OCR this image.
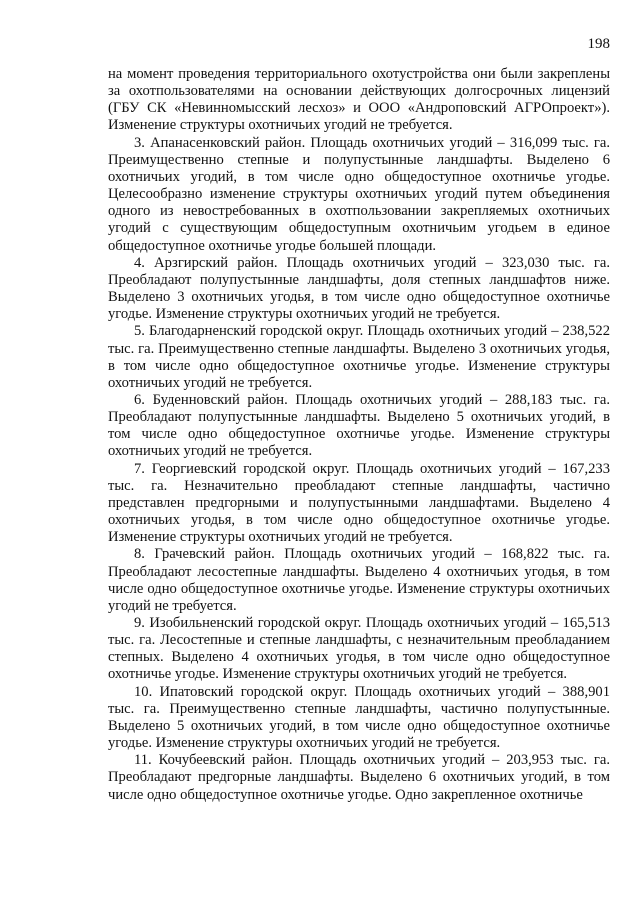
198

на момент проведения территориального охотустройства они были закреплены за охотпользователями на основании действующих долгосрочных лицензий (ГБУ СК «Невинномысский лесхоз» и ООО «Андроповский АГРОпроект»). Изменение структуры охотничьих угодий не требуется.

3. Апанасенковский район. Площадь охотничьих угодий – 316,099 тыс. га. Преимущественно степные и полупустынные ландшафты. Выделено 6 охотничьих угодий, в том числе одно общедоступное охотничье угодье. Целесообразно изменение структуры охотничьих угодий путем объединения одного из невостребованных в охотпользовании закрепляемых охотничьих угодий с существующим общедоступным охотничьим угодьем в единое общедоступное охотничье угодье большей площади.

4. Арзгирский район. Площадь охотничьих угодий – 323,030 тыс. га. Преобладают полупустынные ландшафты, доля степных ландшафтов ниже. Выделено 3 охотничьих угодья, в том числе одно общедоступное охотничье угодье. Изменение структуры охотничьих угодий не требуется.

5. Благодарненский городской округ. Площадь охотничьих угодий – 238,522 тыс. га. Преимущественно степные ландшафты. Выделено 3 охотничьих угодья, в том числе одно общедоступное охотничье угодье. Изменение структуры охотничьих угодий не требуется.

6. Буденновский район. Площадь охотничьих угодий – 288,183 тыс. га. Преобладают полупустынные ландшафты. Выделено 5 охотничьих угодий, в том числе одно общедоступное охотничье угодье. Изменение структуры охотничьих угодий не требуется.

7. Георгиевский городской округ. Площадь охотничьих угодий – 167,233 тыс. га. Незначительно преобладают степные ландшафты, частично представлен предгорными и полупустынными ландшафтами. Выделено 4 охотничьих угодья, в том числе одно общедоступное охотничье угодье. Изменение структуры охотничьих угодий не требуется.

8. Грачевский район. Площадь охотничьих угодий – 168,822 тыс. га. Преобладают лесостепные ландшафты. Выделено 4 охотничьих угодья, в том числе одно общедоступное охотничье угодье. Изменение структуры охотничьих угодий не требуется.

9. Изобильненский городской округ. Площадь охотничьих угодий – 165,513 тыс. га. Лесостепные и степные ландшафты, с незначительным преобладанием степных. Выделено 4 охотничьих угодья, в том числе одно общедоступное охотничье угодье. Изменение структуры охотничьих угодий не требуется.

10. Ипатовский городской округ. Площадь охотничьих угодий – 388,901 тыс. га. Преимущественно степные ландшафты, частично полупустынные. Выделено 5 охотничьих угодий, в том числе одно общедоступное охотничье угодье. Изменение структуры охотничьих угодий не требуется.

11. Кочубеевский район. Площадь охотничьих угодий – 203,953 тыс. га. Преобладают предгорные ландшафты. Выделено 6 охотничьих угодий, в том числе одно общедоступное охотничье угодье. Одно закрепленное охотничье
